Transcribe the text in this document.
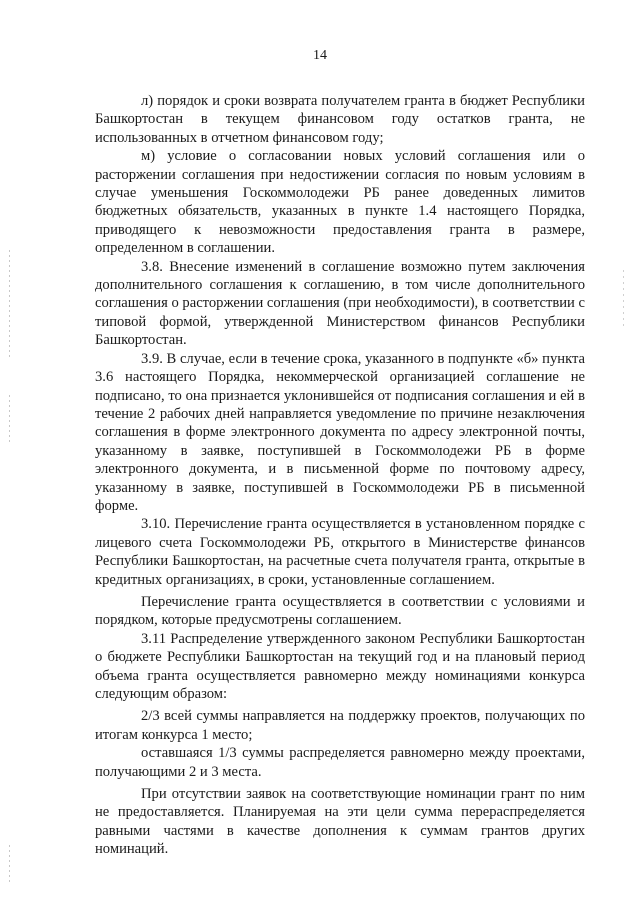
14

л) порядок и сроки возврата получателем гранта в бюджет Республики Башкортостан в текущем финансовом году остатков гранта, не использованных в отчетном финансовом году;

м) условие о согласовании новых условий соглашения или о расторжении соглашения при недостижении согласия по новым условиям в случае уменьшения Госкоммолодежи РБ ранее доведенных лимитов бюджетных обязательств, указанных в пункте 1.4 настоящего Порядка, приводящего к невозможности предоставления гранта в размере, определенном в соглашении.

3.8. Внесение изменений в соглашение возможно путем заключения дополнительного соглашения к соглашению, в том числе дополнительного соглашения о расторжении соглашения (при необходимости), в соответствии с типовой формой, утвержденной Министерством финансов Республики Башкортостан.

3.9. В случае, если в течение срока, указанного в подпункте «б» пункта 3.6 настоящего Порядка, некоммерческой организацией соглашение не подписано, то она признается уклонившейся от подписания соглашения и ей в течение 2 рабочих дней направляется уведомление по причине незаключения соглашения в форме электронного документа по адресу электронной почты, указанному в заявке, поступившей в Госкоммолодежи РБ в форме электронного документа, и в письменной форме по почтовому адресу, указанному в заявке, поступившей в Госкоммолодежи РБ в письменной форме.

3.10. Перечисление гранта осуществляется в установленном порядке с лицевого счета Госкоммолодежи РБ, открытого в Министерстве финансов Республики Башкортостан, на расчетные счета получателя гранта, открытые в кредитных организациях, в сроки, установленные соглашением.

Перечисление гранта осуществляется в соответствии с условиями и порядком, которые предусмотрены соглашением.

3.11 Распределение утвержденного законом Республики Башкортостан о бюджете Республики Башкортостан на текущий год и на плановый период объема гранта осуществляется равномерно между номинациями конкурса следующим образом:

2/3 всей суммы направляется на поддержку проектов, получающих по итогам конкурса 1 место;

оставшаяся 1/3 суммы распределяется равномерно между проектами, получающими 2 и 3 места.

При отсутствии заявок на соответствующие номинации грант по ним не предоставляется. Планируемая на эти цели сумма перераспределяется равными частями в качестве дополнения к суммам грантов других номинаций.
